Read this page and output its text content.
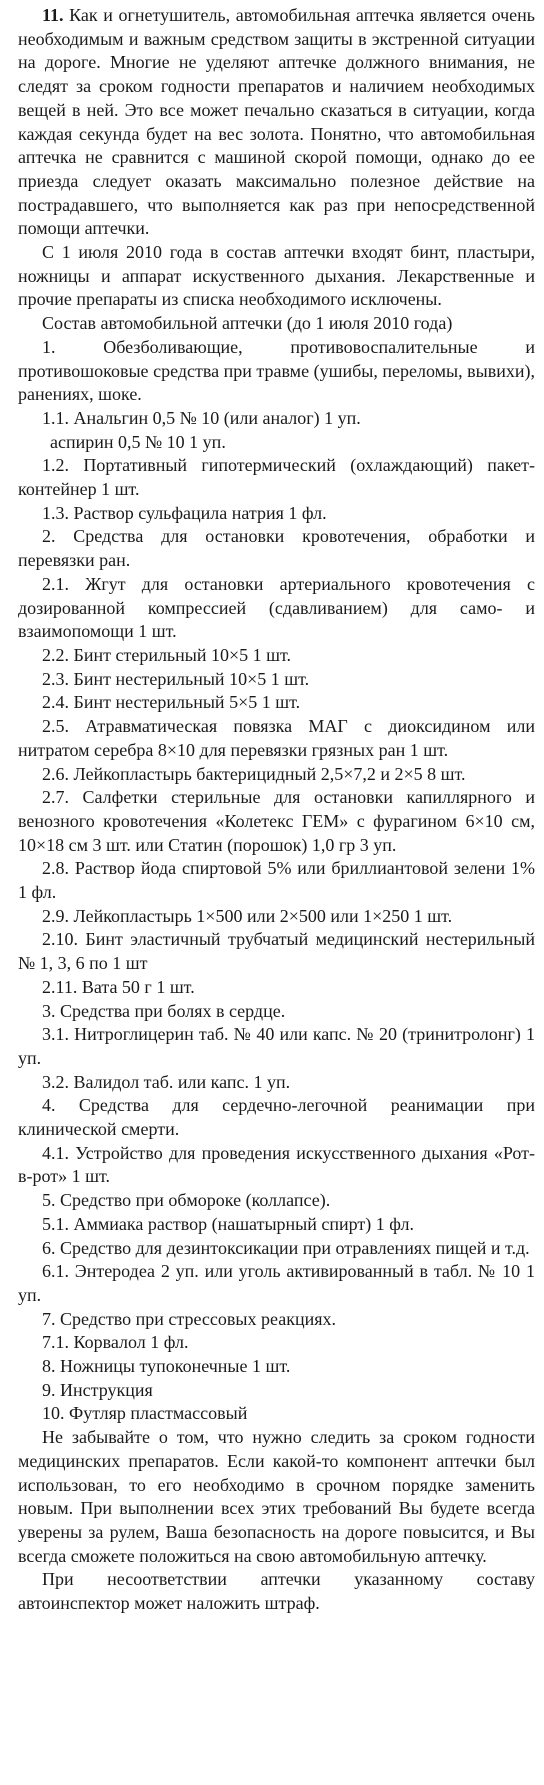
11. Как и огнетушитель, автомобильная аптечка является очень необходимым и важным средством защиты в экстренной ситуации на дороге. Многие не уделяют аптечке должного внимания, не следят за сроком годности препаратов и наличием необходимых вещей в ней. Это все может печально сказаться в ситуации, когда каждая секунда будет на вес золота. Понятно, что автомобильная аптечка не сравнится с машиной скорой помощи, однако до ее приезда следует оказать максимально полезное действие на пострадавшего, что выполняется как раз при непосредственной помощи аптечки.

С 1 июля 2010 года в состав аптечки входят бинт, пластыри, ножницы и аппарат искуственного дыхания. Лекарственные и прочие препараты из списка необходимого исключены.

Состав автомобильной аптечки (до 1 июля 2010 года)

1. Обезболивающие, противовоспалительные и противошоковые средства при травме (ушибы, переломы, вывихи), ранениях, шоке.

1.1. Анальгин 0,5 № 10 (или аналог) 1 уп.

аспирин 0,5 № 10 1 уп.

1.2. Портативный гипотермический (охлаждающий) пакет-контейнер 1 шт.

1.3. Раствор сульфацила натрия 1 фл.

2. Средства для остановки кровотечения, обработки и перевязки ран.

2.1. Жгут для остановки артериального кровотечения с дозированной компрессией (сдавливанием) для само- и взаимопомощи 1 шт.

2.2. Бинт стерильный 10×5 1 шт.

2.3. Бинт нестерильный 10×5 1 шт.

2.4. Бинт нестерильный 5×5 1 шт.

2.5. Атравматическая повязка МАГ с диоксидином или нитратом серебра 8×10 для перевязки грязных ран 1 шт.

2.6. Лейкопластырь бактерицидный 2,5×7,2 и 2×5 8 шт.

2.7. Салфетки стерильные для остановки капиллярного и венозного кровотечения «Колетекс ГЕМ» с фурагином 6×10 см, 10×18 см 3 шт. или Статин (порошок) 1,0 гр 3 уп.

2.8. Раствор йода спиртовой 5% или бриллиантовой зелени 1% 1 фл.

2.9. Лейкопластырь 1×500 или 2×500 или 1×250 1 шт.

2.10. Бинт эластичный трубчатый медицинский нестерильный № 1, 3, 6 по 1 шт

2.11. Вата 50 г 1 шт.

3. Средства при болях в сердце.

3.1. Нитроглицерин таб. № 40 или капс. № 20 (тринитролонг) 1 уп.

3.2. Валидол таб. или капс. 1 уп.

4. Средства для сердечно-легочной реанимации при клинической смерти.

4.1. Устройство для проведения искусственного дыхания «Рот-в-рот» 1 шт.

5. Средство при обмороке (коллапсе).

5.1. Аммиака раствор (нашатырный спирт) 1 фл.

6. Средство для дезинтоксикации при отравлениях пищей и т.д.

6.1. Энтеродеа 2 уп. или уголь активированный в табл. № 10 1 уп.

7. Средство при стрессовых реакциях.

7.1. Корвалол 1 фл.

8. Ножницы тупоконечные 1 шт.

9. Инструкция

10. Футляр пластмассовый

Не забывайте о том, что нужно следить за сроком годности медицинских препаратов. Если какой-то компонент аптечки был использован, то его необходимо в срочном порядке заменить новым. При выполнении всех этих требований Вы будете всегда уверены за рулем, Ваша безопасность на дороге повысится, и Вы всегда сможете положиться на свою автомобильную аптечку.

При несоответствии аптечки указанному составу автоинспектор может наложить штраф.
